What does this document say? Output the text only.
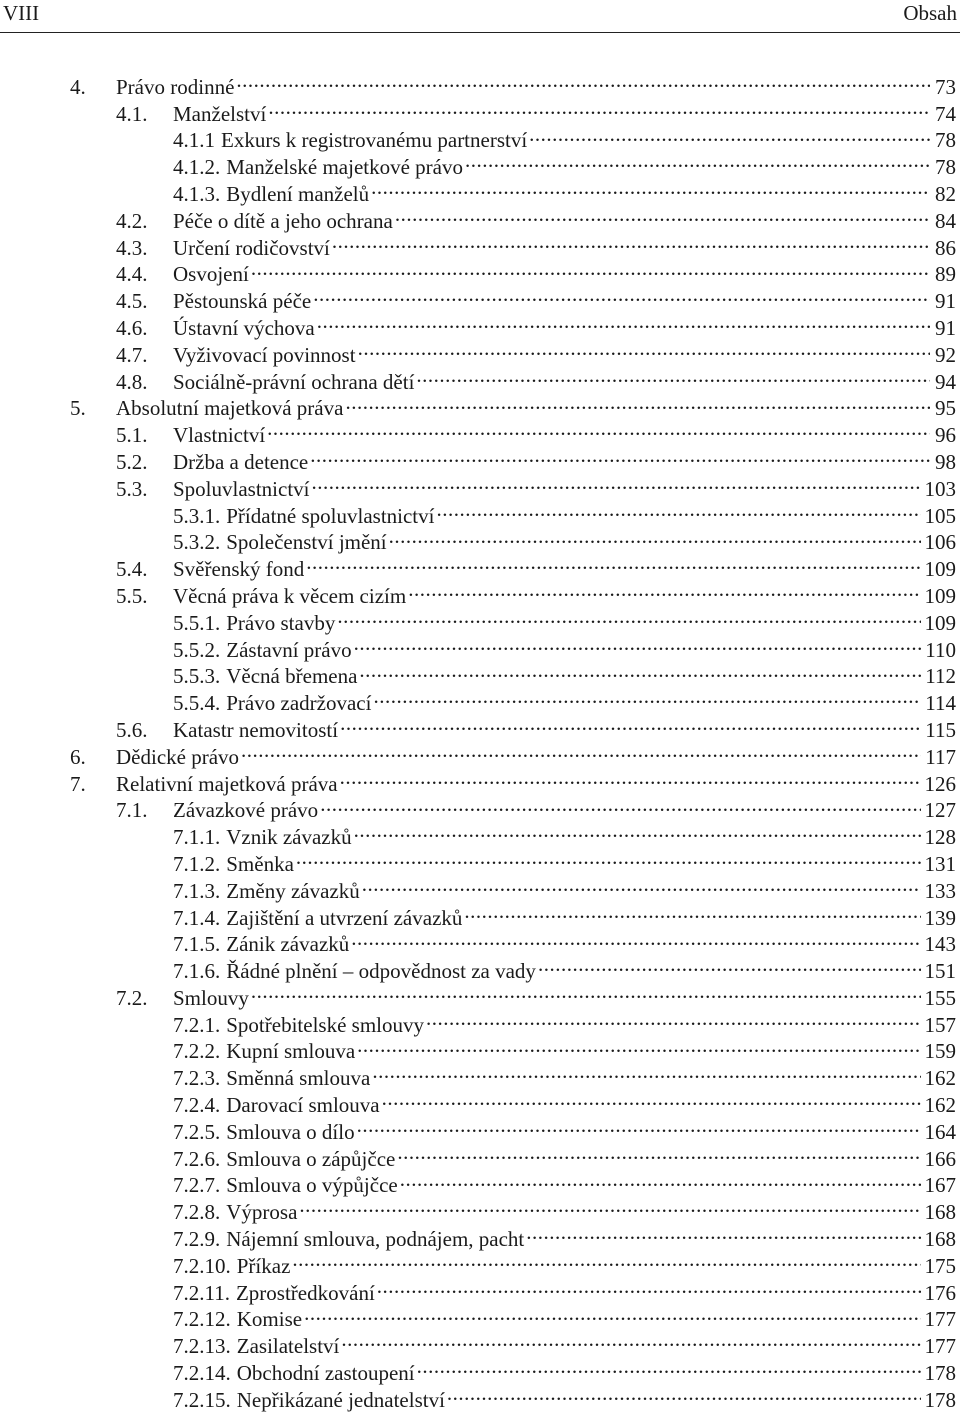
VIII	Obsah
4.	Právo rodinné .....	73
4.1.	Manželství .....	74
4.1.1 Exkurs k registrovanému partnerství .....	78
4.1.2. Manželské majetkové právo .....	78
4.1.3. Bydlení manželů .....	82
4.2.	Péče o dítě a jeho ochrana .....	84
4.3.	Určení rodičovství .....	86
4.4.	Osvojení .....	89
4.5.	Pěstounská péče .....	91
4.6.	Ústavní výchova .....	91
4.7.	Vyživovací povinnost .....	92
4.8.	Sociálně-právní ochrana dětí .....	94
5.	Absolutní majetková práva .....	95
5.1.	Vlastnictví .....	96
5.2.	Držba a detence .....	98
5.3.	Spoluvlastnictví .....	103
5.3.1. Přídatné spoluvlastnictví .....	105
5.3.2. Společenství jmění .....	106
5.4.	Svěřenský fond .....	109
5.5.	Věcná práva k věcem cizím .....	109
5.5.1. Právo stavby .....	109
5.5.2. Zástavní právo .....	110
5.5.3. Věcná břemena .....	112
5.5.4. Právo zadržovací .....	114
5.6.	Katastr nemovitostí .....	115
6.	Dědické právo .....	117
7.	Relativní majetková práva .....	126
7.1.	Závazkové právo .....	127
7.1.1. Vznik závazků .....	128
7.1.2. Směnka .....	131
7.1.3. Změny závazků .....	133
7.1.4. Zajištění a utvrzení závazků .....	139
7.1.5. Zánik závazků .....	143
7.1.6. Řádné plnění – odpovědnost za vady .....	151
7.2.	Smlouvy .....	155
7.2.1. Spotřebitelské smlouvy .....	157
7.2.2. Kupní smlouva .....	159
7.2.3. Směnná smlouva .....	162
7.2.4. Darovací smlouva .....	162
7.2.5. Smlouva o dílo .....	164
7.2.6. Smlouva o zápůjčce .....	166
7.2.7. Smlouva o výpůjčce .....	167
7.2.8. Výprosa .....	168
7.2.9. Nájemní smlouva, podnájem, pacht .....	168
7.2.10. Příkaz .....	175
7.2.11. Zprostředkování .....	176
7.2.12. Komise .....	177
7.2.13. Zasilatelství .....	177
7.2.14. Obchodní zastoupení .....	178
7.2.15. Nepřikázané jednatelství .....	178
